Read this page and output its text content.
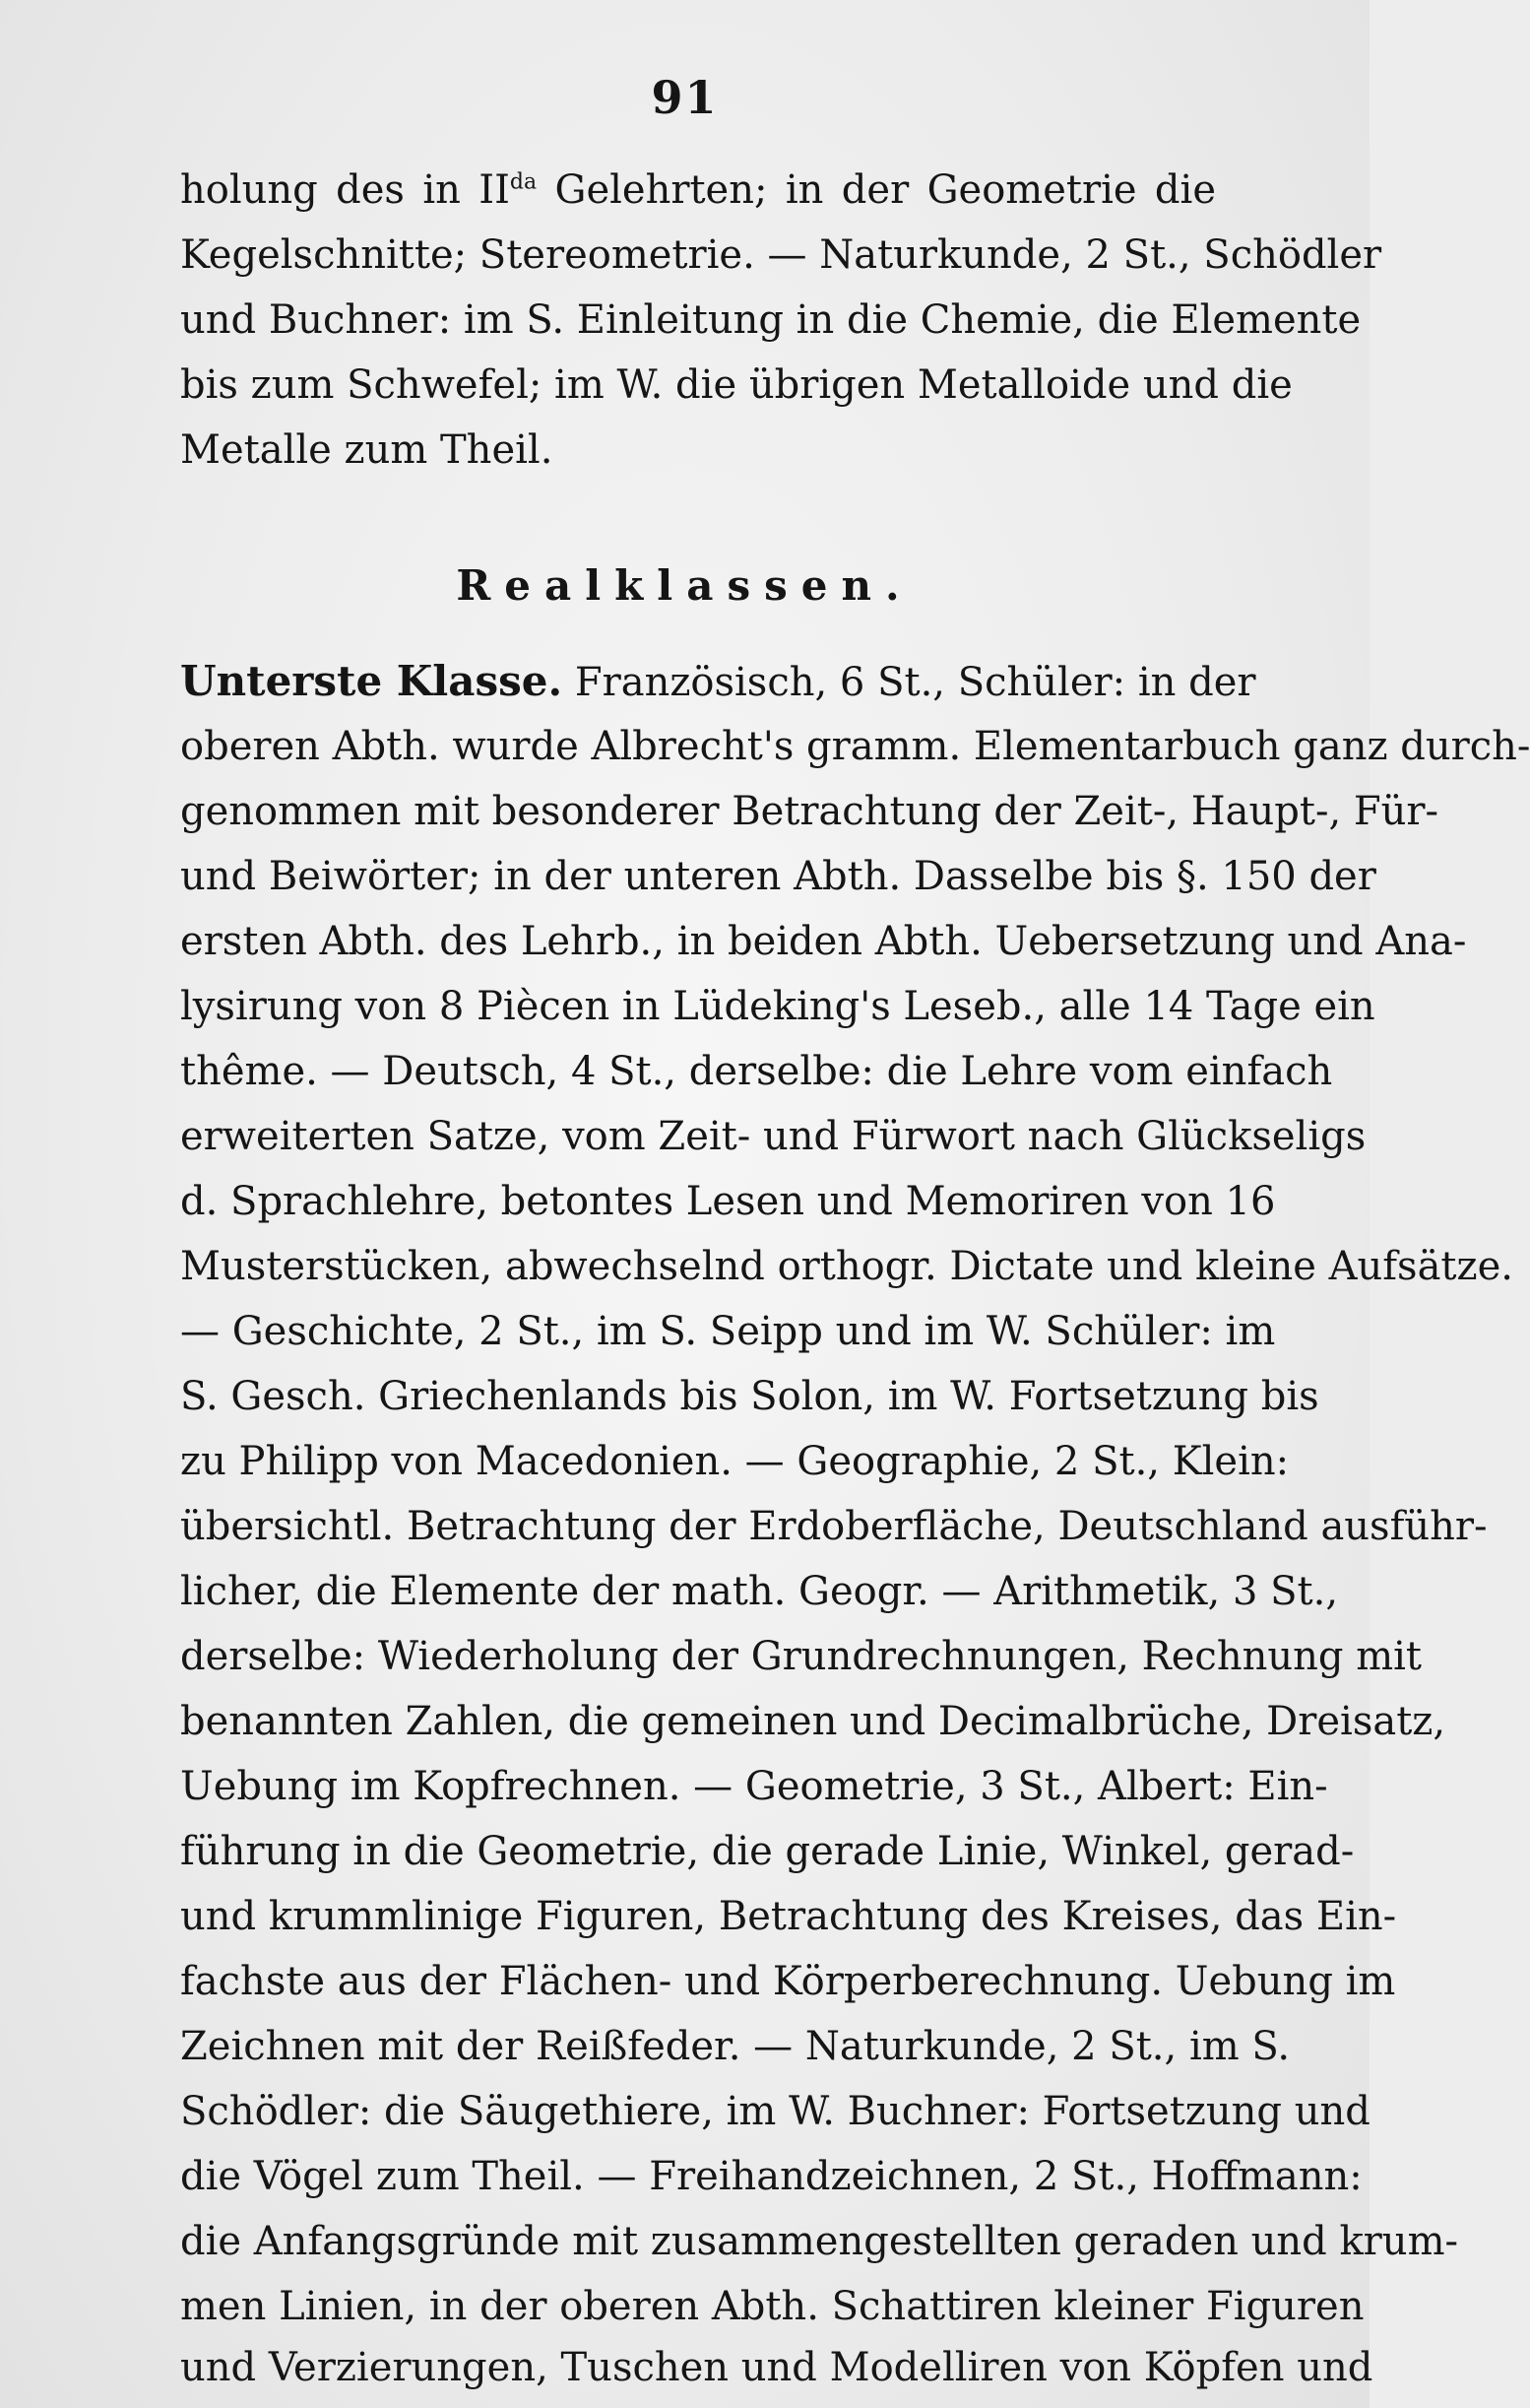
91
holung des in $II^{da}$ Gelehrten; in der Geometrie die
Kegelschnitte; Stereometrie. — Naturkunde, 2 St., Schödler
und Buchner: im S. Einleitung in die Chemie, die Elemente
bis zum Schwefel; im W. die übrigen Metalloide und die
Metalle zum Theil.
Realklassen.
Unterste Klasse. Französisch, 6 St., Schüler: in der
oberen Abth. wurde Albrecht's gramm. Elementarbuch ganz durch-
genommen mit besonderer Betrachtung der Zeit-, Haupt-, Für-
und Beiwörter; in der unteren Abth. Dasselbe bis §. 150 der
ersten Abth. des Lehrb., in beiden Abth. Uebersetzung und Ana-
lysirung von 8 Piècen in Lüdeking's Leseb., alle 14 Tage ein
thême. — Deutsch, 4 St., derselbe: die Lehre vom einfach
erweiterten Satze, vom Zeit- und Fürwort nach Glückseligs
d. Sprachlehre, betontes Lesen und Memoriren von 16
Musterstücken, abwechselnd orthogr. Dictate und kleine Aufsätze.
— Geschichte, 2 St., im S. Seipp und im W. Schüler: im
S. Gesch. Griechenlands bis Solon, im W. Fortsetzung bis
zu Philipp von Macedonien. — Geographie, 2 St., Klein:
übersichtl. Betrachtung der Erdoberfläche, Deutschland ausführ-
licher, die Elemente der math. Geogr. — Arithmetik, 3 St.,
derselbe: Wiederholung der Grundrechnungen, Rechnung mit
benannten Zahlen, die gemeinen und Decimalbrüche, Dreisatz,
Uebung im Kopfrechnen. — Geometrie, 3 St., Albert: Ein-
führung in die Geometrie, die gerade Linie, Winkel, gerad-
und krummlinige Figuren, Betrachtung des Kreises, das Ein-
fachste aus der Flächen- und Körperberechnung. Uebung im
Zeichnen mit der Reißfeder. — Naturkunde, 2 St., im S.
Schödler: die Säugethiere, im W. Buchner: Fortsetzung und
die Vögel zum Theil. — Freihandzeichnen, 2 St., Hoffmann:
die Anfangsgründe mit zusammengestellten geraden und krum-
men Linien, in der oberen Abth. Schattiren kleiner Figuren
und Verzierungen, Tuschen und Modelliren von Köpfen und
